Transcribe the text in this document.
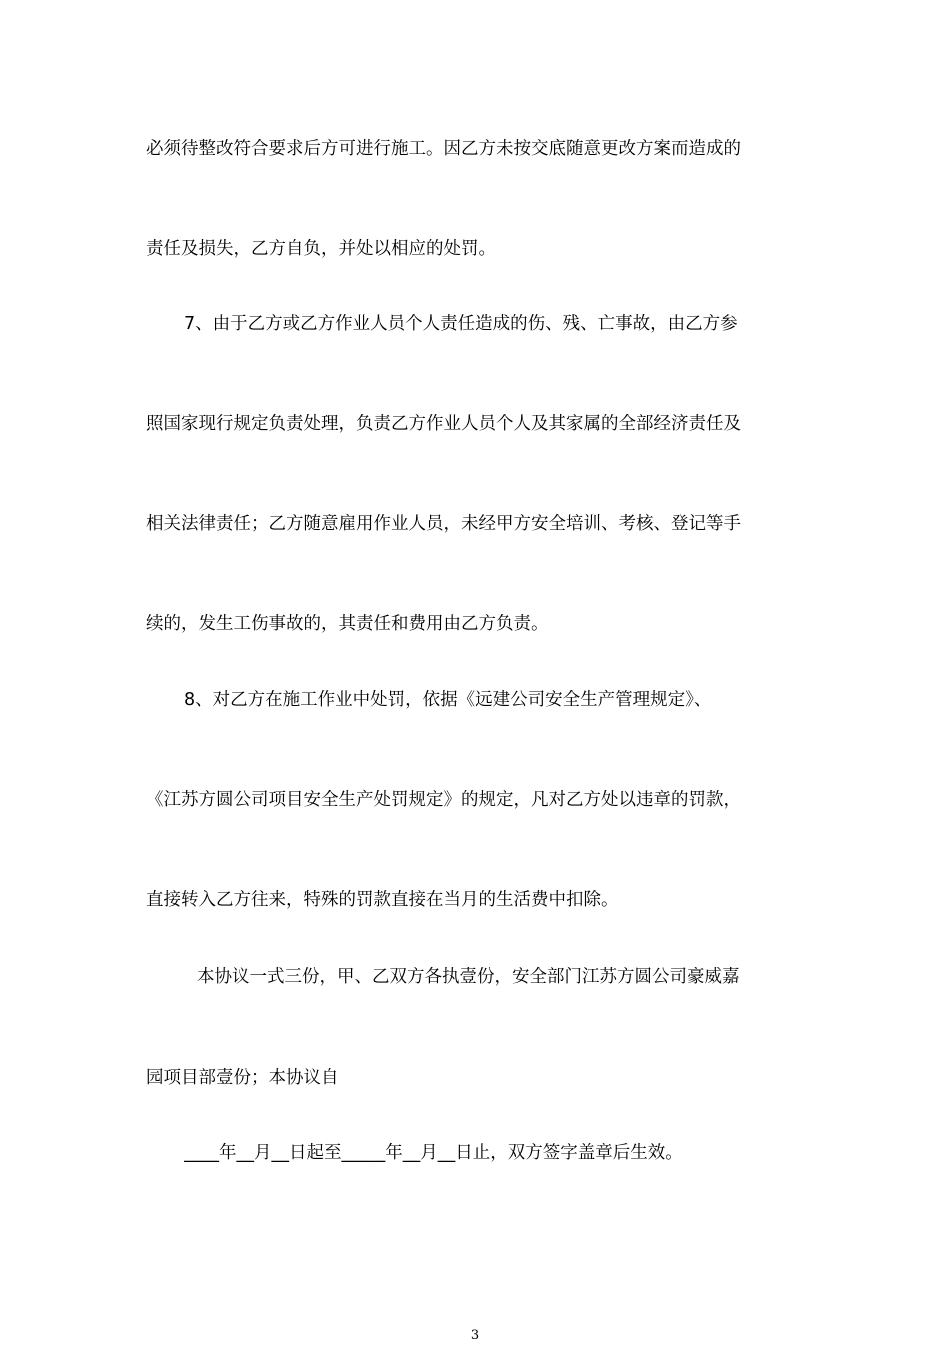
必须待整改符合要求后方可进行施工。因乙方未按交底随意更改方案而造成的
责任及损失，乙方自负，并处以相应的处罚。
7、由于乙方或乙方作业人员个人责任造成的伤、残、亡事故，由乙方参
照国家现行规定负责处理，负责乙方作业人员个人及其家属的全部经济责任及
相关法律责任；乙方随意雇用作业人员，未经甲方安全培训、考核、登记等手
续的，发生工伤事故的，其责任和费用由乙方负责。
8、对乙方在施工作业中处罚，依据《远建公司安全生产管理规定》、
《江苏方圆公司项目安全生产处罚规定》的规定，凡对乙方处以违章的罚款，
直接转入乙方往来，特殊的罚款直接在当月的生活费中扣除。
本协议一式三份，甲、乙双方各执壹份，安全部门江苏方圆公司豪威嘉
园项目部壹份；本协议自
____年__月__日起至_____年__月__日止，双方签字盖章后生效。
3
